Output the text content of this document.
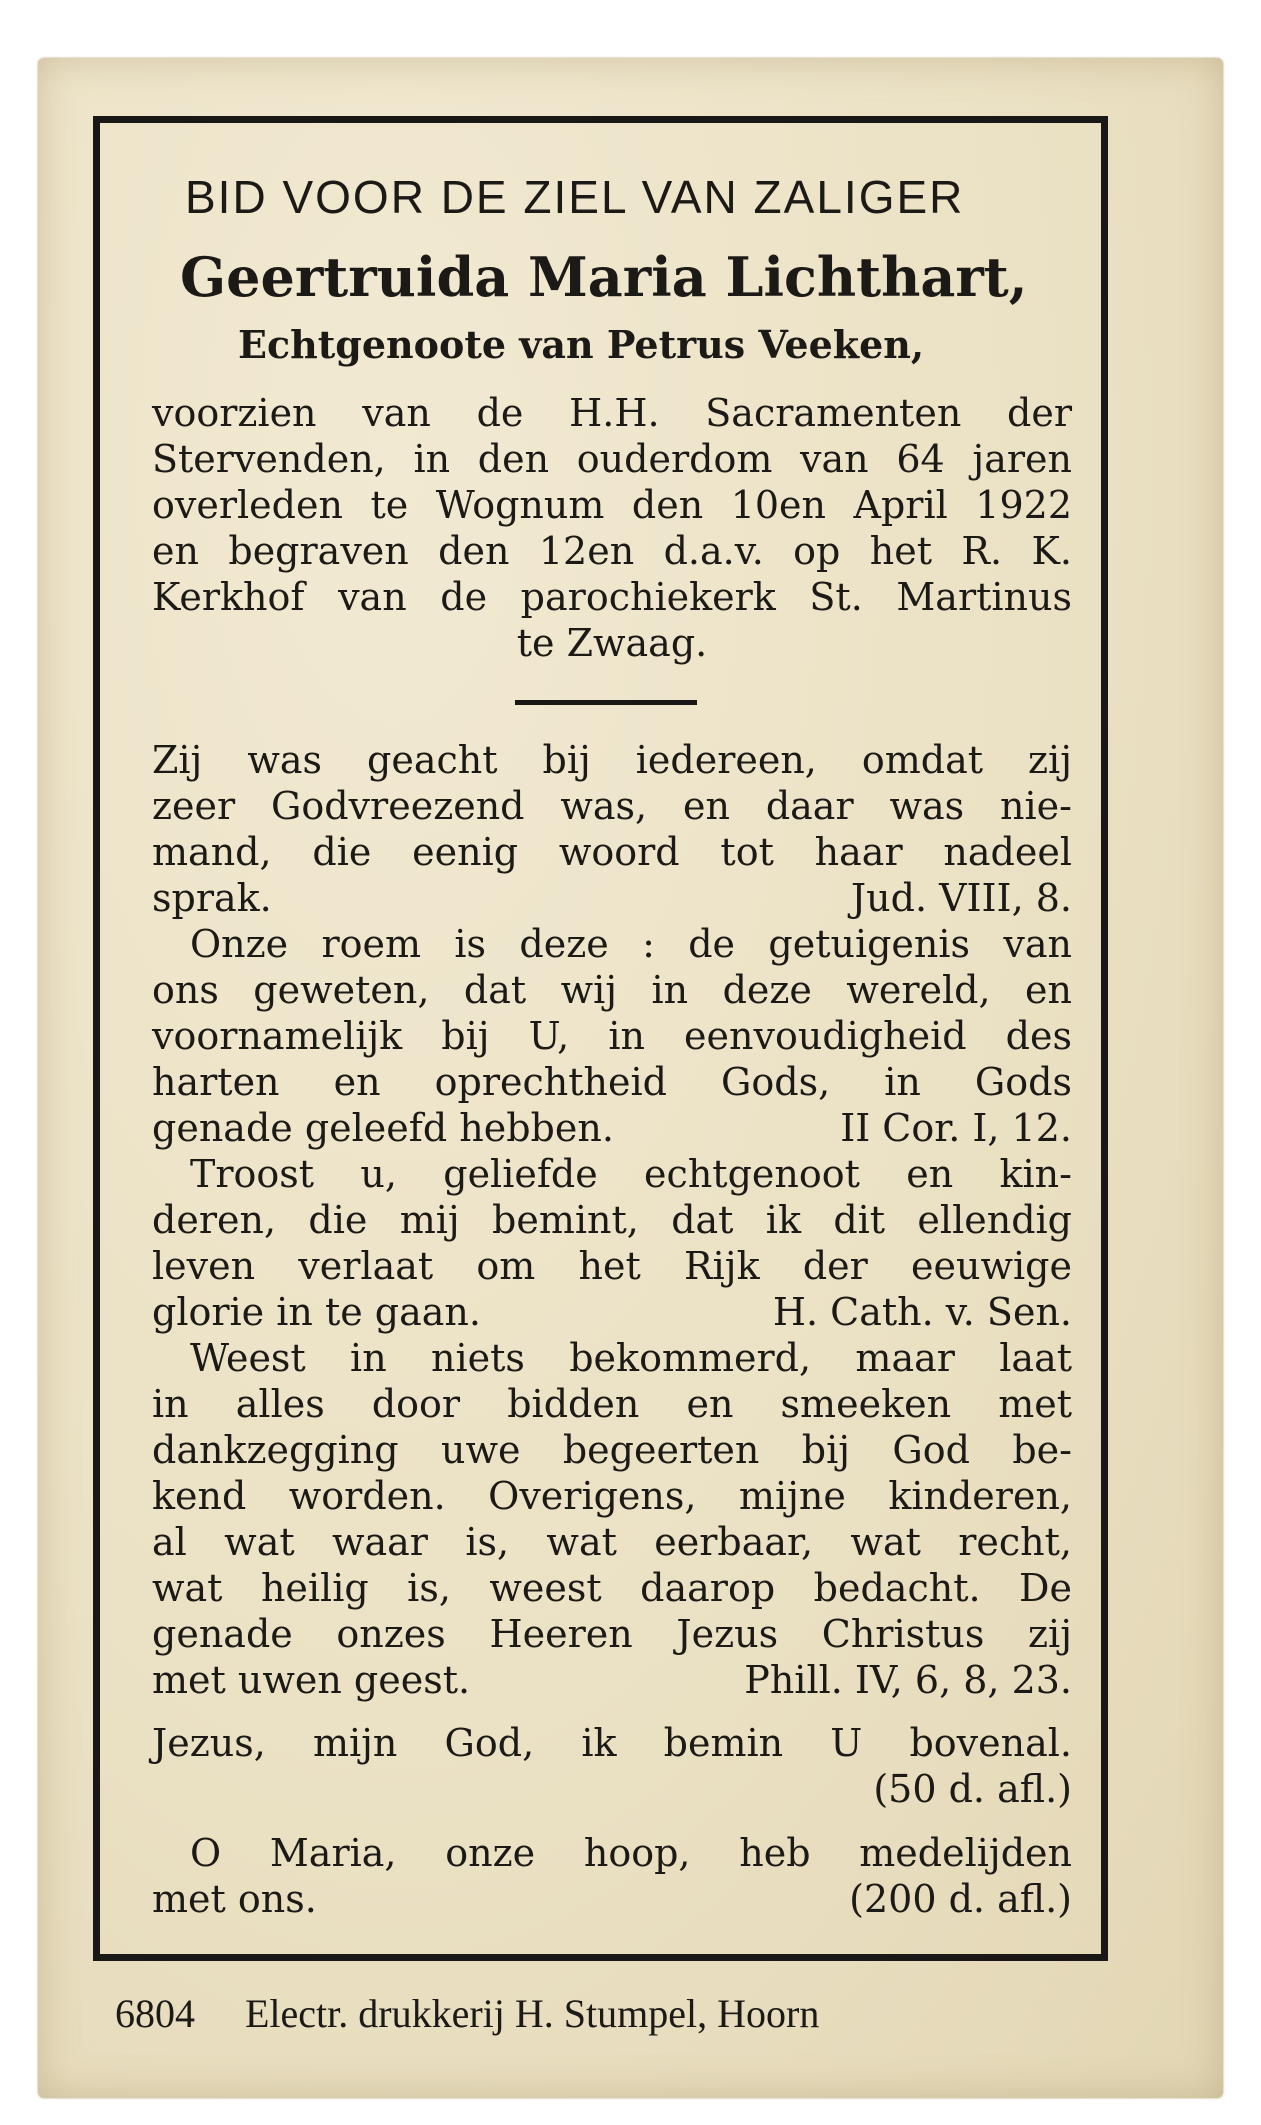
BID VOOR DE ZIEL VAN ZALIGER

Geertruida Maria Lichthart,

Echtgenoote van Petrus Veeken,

voorzien van de H.H. Sacramenten der

Stervenden, in den ouderdom van 64 jaren

overleden te Wognum den 10en April 1922

en begraven den 12en d.a.v. op het R. K.

Kerkhof van de parochiekerk St. Martinus

te Zwaag.

Zij was geacht bij iedereen, omdat zij

zeer Godvreezend was, en daar was nie-

mand, die eenig woord tot haar nadeel

sprak.	Jud. VIII, 8.

Onze roem is deze : de getuigenis van

ons geweten, dat wij in deze wereld, en

voornamelijk bij U, in eenvoudigheid des

harten en oprechtheid Gods, in Gods

genade geleefd hebben.	II Cor. I, 12.

Troost u, geliefde echtgenoot en kin-

deren, die mij bemint, dat ik dit ellendig

leven verlaat om het Rijk der eeuwige

glorie in te gaan.	H. Cath. v. Sen.

Weest in niets bekommerd, maar laat

in alles door bidden en smeeken met

dankzegging uwe begeerten bij God be-

kend worden. Overigens, mijne kinderen,

al wat waar is, wat eerbaar, wat recht,

wat heilig is, weest daarop bedacht. De

genade onzes Heeren Jezus Christus zij

met uwen geest.	Phill. IV, 6, 8, 23.

Jezus, mijn God, ik bemin U bovenal.

(50 d. afl.)

O Maria, onze hoop, heb medelijden

met ons.	(200 d. afl.)
6804 Electr. drukkerij H. Stumpel, Hoorn
